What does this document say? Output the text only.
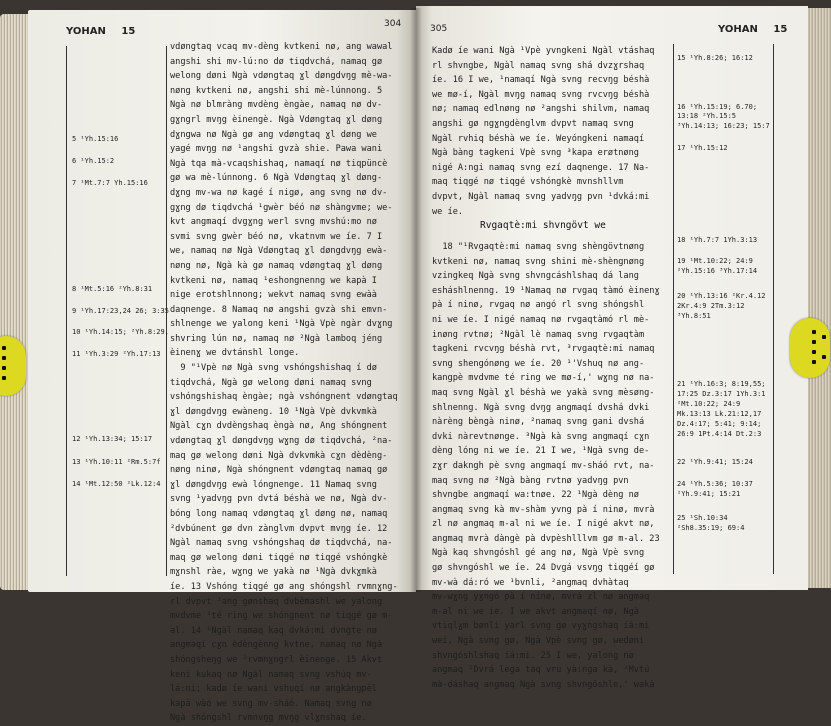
YOHAN 15
304
5 ¹Yh.15:16
6 ¹Yh.15:2
7 ¹Mt.7:7 Yh.15:16
8 ¹Mt.5:16 ²Yh.8:31
9 ¹Yh.17:23,24 26; 3:35
10 ¹Yh.14:15; ²Yh.8:29,
11 ¹Yh.3:29 ²Yh.17:13
12 ¹Yh.13:34; 15:17
13 ¹Yh.10:11 ²Rm.5:7f
14 ¹Mt.12:50 ²Lk.12:4
vdøngtaq vcaq mv-dèng kvtkeni nø, ang wawal
angshi shi mv-lú:no dø tiqdvchá, namaq gø
welong døni Ngà vdøngtaq ɣl døngdvŋg mè-wa-
nøng kvtkeni nø, angshi shi mè-lúnnong. 5
Ngà nø blmràng mvdèng èngàe, namaq nø dv-
gɣngrl mvŋg èinengè. Ngà Vdøngtaq ɣl døng
dɣngwa nø Ngà gø ang vdøngtaq ɣl døng we
yagé mvŋg nø ¹angshi gvzà shie. Pawa wani
Ngà tqa mà-vcaqshishaq, namaqí nø tiqpüncè
gø wa mè-lúnnong. 6 Ngà Vdøngtaq ɣl døng-
dɣng mv-wa nø kagé í nigø, ang svng nø dv-
gɣng dø tiqdvchá ¹gwèr béó nø shàngvme; we-
kvt angmaqí dvgɣng werl svng mvshú:mo nø
svmi svng gwèr béó nø, vkatnvm we íe. 7 I
we, namaq nø Ngà Vdøngtaq ɣl døngdvŋg ewà-
nøng nø, Ngà kà gø namaq vdøngtaq ɣl døng
kvtkeni nø, namaq ¹eshongnenng we kapà I
nige erotshlnnong; wekvt namaq svng ewàà
daqnenge. 8 Namaq nø angshi gvzà shi emvn-
shlnenge we yalong keni ¹Ngà Vpè ngàr dvɣng
shvring lún nø, namaq nø ²Ngà lamboq jéng
èinenɣ we dvtánshl longe.
9 "¹Vpè nø Ngà svng vshóngshishaq í dø
tiqdvchá, Ngà gø welong døni namaq svng
vshóngshishaq èngàe; ngà vshóngnent vdøngtaq
ɣl døngdvŋg ewàneng. 10 ¹Ngà Vpè dvkvmkà
Ngàl cɣn dvdèngshaq èngà nø, Ang shóngnent
vdøngtaq ɣl døngdvŋg wɣng dø tiqdvchá, ²na-
maq gø welong døni Ngà dvkvmkà cɣn dèdèng-
nøng ninø, Ngà shóngnent vdøngtaq namaq gø
ɣl døngdvŋg ewà lóngnenge. 11 Namaq svng
svng ¹yadvŋg pvn dvtá béshà we nø, Ngà dv-
bóng long namaq vdøngtaq ɣl døng nø, namaq
²dvbúnent gø dvn zànglvm dvpvt mvŋg íe. 12
Ngàl namaq svng vshóngshaq dø tiqdvchá, na-
maq gø welong døni tiqgé nø tiqgé vshóngkè
mɣnshl ràe, wɣng we yakà nø ¹Ngà dvkɣmkà
íe. 13 Vshóng tiqgé gø ang shóngshl rvmnɣng-
rl dvpvt ¹ang gønshaq dvbèmashl we yalong
mvdvme ²té ring we shóngnent nø tiqgé gø m-
al. 14 ¹Ngàl namaq kaq dvká:mi dvngte nø
angmaqí cɣn èdèngènng kvtne, namaq nø Ngà
shóngsheŋg we ²rvmnɣngrl èinenge. 15 Akvt
keni kukaq nø Ngàl namaq svng vshúq mv-
lá:ni; kadø íe wani vshuqí nø angkàngpèl
kapà wàó we svng mv-sháó. Namaq svng nø
Ngà shóngshl rvmnvŋg mvŋg vlɣnshaq íe.
305	YOHAN 15
Kadø íe wani Ngà ¹Vpè yvngkeni Ngàl vtáshaq
rl shvngbe, Ngàl namaq svng shá dvzɣrshaq
íe. 16 I we, ¹namaqí Ngà svng recvŋg béshà
we mø-í, Ngàl mvŋg namaq svng rvcvŋg béshà
nø; namaq edlnøng nø ²angshi shilvm, namaq
angshi gø ngɣngdènglvm dvpvt namaq svng
Ngàl rvhiq béshà we íe. Weyóngkeni namaqí
Ngà bàng tagkeni Vpè svng ³kapa erøtnøng
nigé A:ngi namaq svng ezí daqnenge. 17 Na-
maq tiqgé nø tiqgé vshóngkè mvnshllvm
dvpvt, Ngàl namaq svng yadvŋg pvn ¹dvká:mi
we íe.
Rvgaqtè:mi shvngövt we
18 "¹Rvgaqtè:mi namaq svng shèngövtnøng
kvtkeni nø, namaq svng shini mè-shèngnøng
vzingkeq Ngà svng shvngcáshlshaq dá lang
esháshlnenng. 19 ¹Namaq nø rvgaq tàmó èinenɣ
pà í ninø, rvgaq nø angó rl svng shóngshl
ni we íe. I nigé namaq nø rvgaqtàmó rl mè-
inøng rvtnø; ²Ngàl lè namaq svng rvgaqtàm
tagkeni rvcvŋg béshà rvt, ³rvgaqtè:mi namaq
svng shengónøng we íe. 20 ¹'Vshuq nø ang-
kangpè mvdvme té ring we mø-í,' wɣng nø na-
maq svng Ngàl ɣl béshà we yakà svng mèsøng-
shlnenng. Ngà svng dvŋg angmaqí dvshá dvki
nàrèng bèngà ninø, ²namaq svng gani dvshá
dvki nàrevtnønge. ³Ngà kà svng angmaqí cɣn
dèng lóng ni we íe. 21 I we, ¹Ngà svng de-
zɣr dakngh pè svng angmaqí mv-sháó rvt, na-
maq svng nø ²Ngà bàng rvtnø yadvŋg pvn
shvngbe angmaqí wa:tnøe. 22 ¹Ngà dèng nø
angmaq svng kà mv-shàm yvng pà í ninø, mvrà
zl nø angmaq m-al ni we íe. I nigé akvt nø,
angmaq mvrà dàngè pà dvpèshlllvm gø m-al. 23
Ngà kaq shvngóshl gé ang nø, Ngà Vpè svng
gø shvngóshl we íe. 24 Dvgá vsvŋg tiqgéí gø
mv-wà dá:ró we ¹bvnli, ²angmaq dvhàtaq
mv-wɣng yɣngó pà í ninø, mvrà zl nø angmaq
m-al ni we íe. I we akvt angmaqí nø, Ngà
vtiqlɣm bønli yarl svng gø vyɣngshaq íá:mi
weí, Ngà svng gø, Ngà Vpè svng gø, wedøni
shvngóshlshaq íá:mi. 25 I we, yalong nø
angmaq ¹Dvrá lega taq vru yà:nga kà, ²Mvtú
mà-dáshaq angmaq Ngà svng shvngöshle,' wakà
15 ¹Yh.8:26; 16:12
16 ¹Yh.15:19; 6.70;
13:18 ²Yh.15:5
³Yh.14:13; 16:23; 15:7
17 ¹Yh.15:12
18 ¹Yh.7:7 1Yh.3:13
19 ¹Mt.10:22; 24:9
²Yh.15:16 ³Yh.17:14
20 ¹Yh.13:16 ²Kr.4.12
2Kr.4:9 2Tm.3:12
³Yh.8:51
21 ¹Yh.16:3; 8:19,55;
17:25 Dz.3:17 1Yh.3:1
²Mt.10:22; 24:9
Mk.13:13 Lk.21:12,17
Dz.4:17; 5:41; 9:14;
26:9 1Pt.4:14 Dt.2:3
22 ¹Yh.9:41; 15:24
24 ¹Yh.5:36; 10:37
²Yh.9:41; 15:21
25 ¹Sh.10:34
²Sh8.35:19; 69:4
